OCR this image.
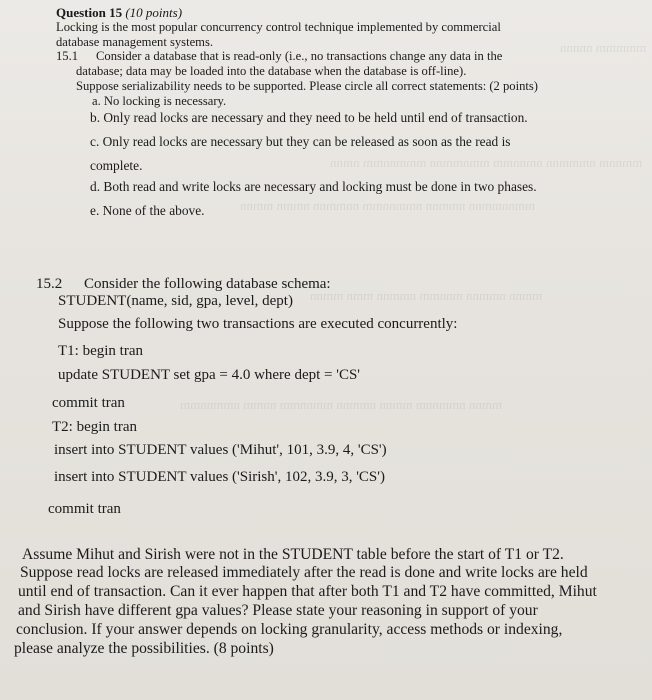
mmmmm nnnnn
mmnnm nmmmnn nmnnmm mmnmmnn mmmnnmm nmnn
mmnnmmnn nmmnn nmmnnmm nnmmnn nmmn mmnn
mmnn nmmnn mnnmm nmmnn mmn mmnn
mmnn nmmnnm mmnn nmmnn mmnnmm nnmm nmmnnmm
Question 15 (10 points)
Locking is the most popular concurrency control technique implemented by commercial
database management systems.
15.1 Consider a database that is read-only (i.e., no transactions change any data in the
database; data may be loaded into the database when the database is off-line).
Suppose serializability needs to be supported. Please circle all correct statements: (2 points)
a. No locking is necessary.
b. Only read locks are necessary and they need to be held until end of transaction.
c. Only read locks are necessary but they can be released as soon as the read is
complete.
d. Both read and write locks are necessary and locking must be done in two phases.
e. None of the above.
15.2 Consider the following database schema:
STUDENT(name, sid, gpa, level, dept)
Suppose the following two transactions are executed concurrently:
T1: begin tran
update STUDENT set gpa = 4.0 where dept = 'CS'
commit tran
T2: begin tran
insert into STUDENT values ('Mihut', 101, 3.9, 4, 'CS')
insert into STUDENT values ('Sirish', 102, 3.9, 3, 'CS')
commit tran
Assume Mihut and Sirish were not in the STUDENT table before the start of T1 or T2.
Suppose read locks are released immediately after the read is done and write locks are held
until end of transaction. Can it ever happen that after both T1 and T2 have committed, Mihut
and Sirish have different gpa values? Please state your reasoning in support of your
conclusion. If your answer depends on locking granularity, access methods or indexing,
please analyze the possibilities. (8 points)
